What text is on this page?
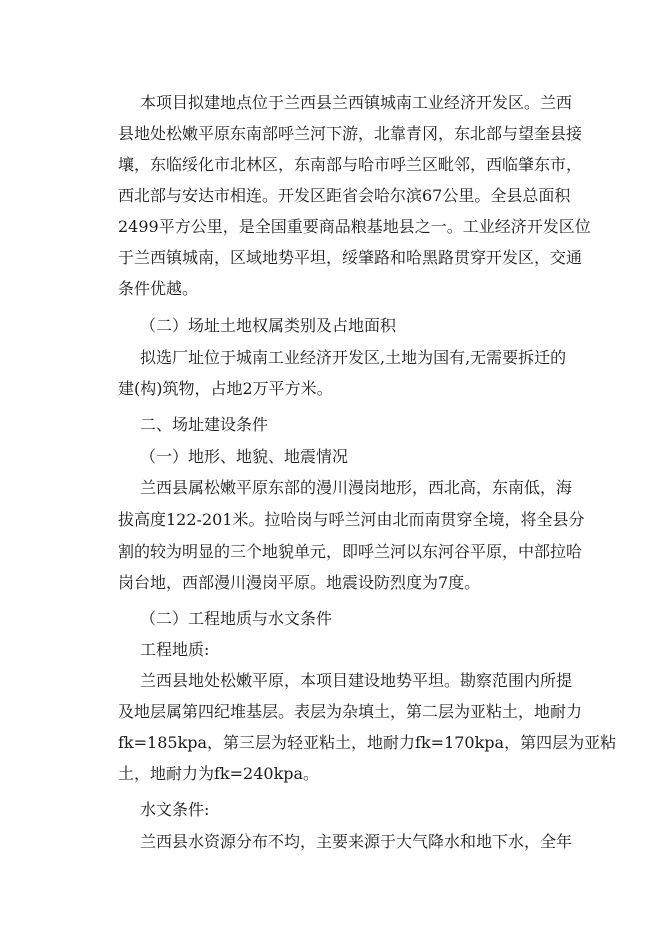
本项目拟建地点位于兰西县兰西镇城南工业经济开发区。兰西
县地处松嫩平原东南部呼兰河下游，北靠青冈，东北部与望奎县接
壤，东临绥化市北林区，东南部与哈市呼兰区毗邻，西临肇东市，
西北部与安达市相连。开发区距省会哈尔滨67公里。全县总面积
2499平方公里，是全国重要商品粮基地县之一。工业经济开发区位
于兰西镇城南，区域地势平坦，绥肇路和哈黑路贯穿开发区，交通
条件优越。
（二）场址土地权属类别及占地面积
拟选厂址位于城南工业经济开发区,土地为国有,无需要拆迁的
建(构)筑物，占地2万平方米。
二、场址建设条件
（一）地形、地貌、地震情况
兰西县属松嫩平原东部的漫川漫岗地形，西北高，东南低，海
拔高度122-201米。拉哈岗与呼兰河由北而南贯穿全境，将全县分
割的较为明显的三个地貌单元，即呼兰河以东河谷平原，中部拉哈
岗台地，西部漫川漫岗平原。地震设防烈度为7度。
（二）工程地质与水文条件
工程地质:
兰西县地处松嫩平原，本项目建设地势平坦。勘察范围内所提
及地层属第四纪堆基层。表层为杂填土，第二层为亚粘土，地耐力
fk=185kpa，第三层为轻亚粘土，地耐力fk=170kpa，第四层为亚粘
土，地耐力为fk=240kpa。
水文条件:
兰西县水资源分布不均，主要来源于大气降水和地下水，全年
